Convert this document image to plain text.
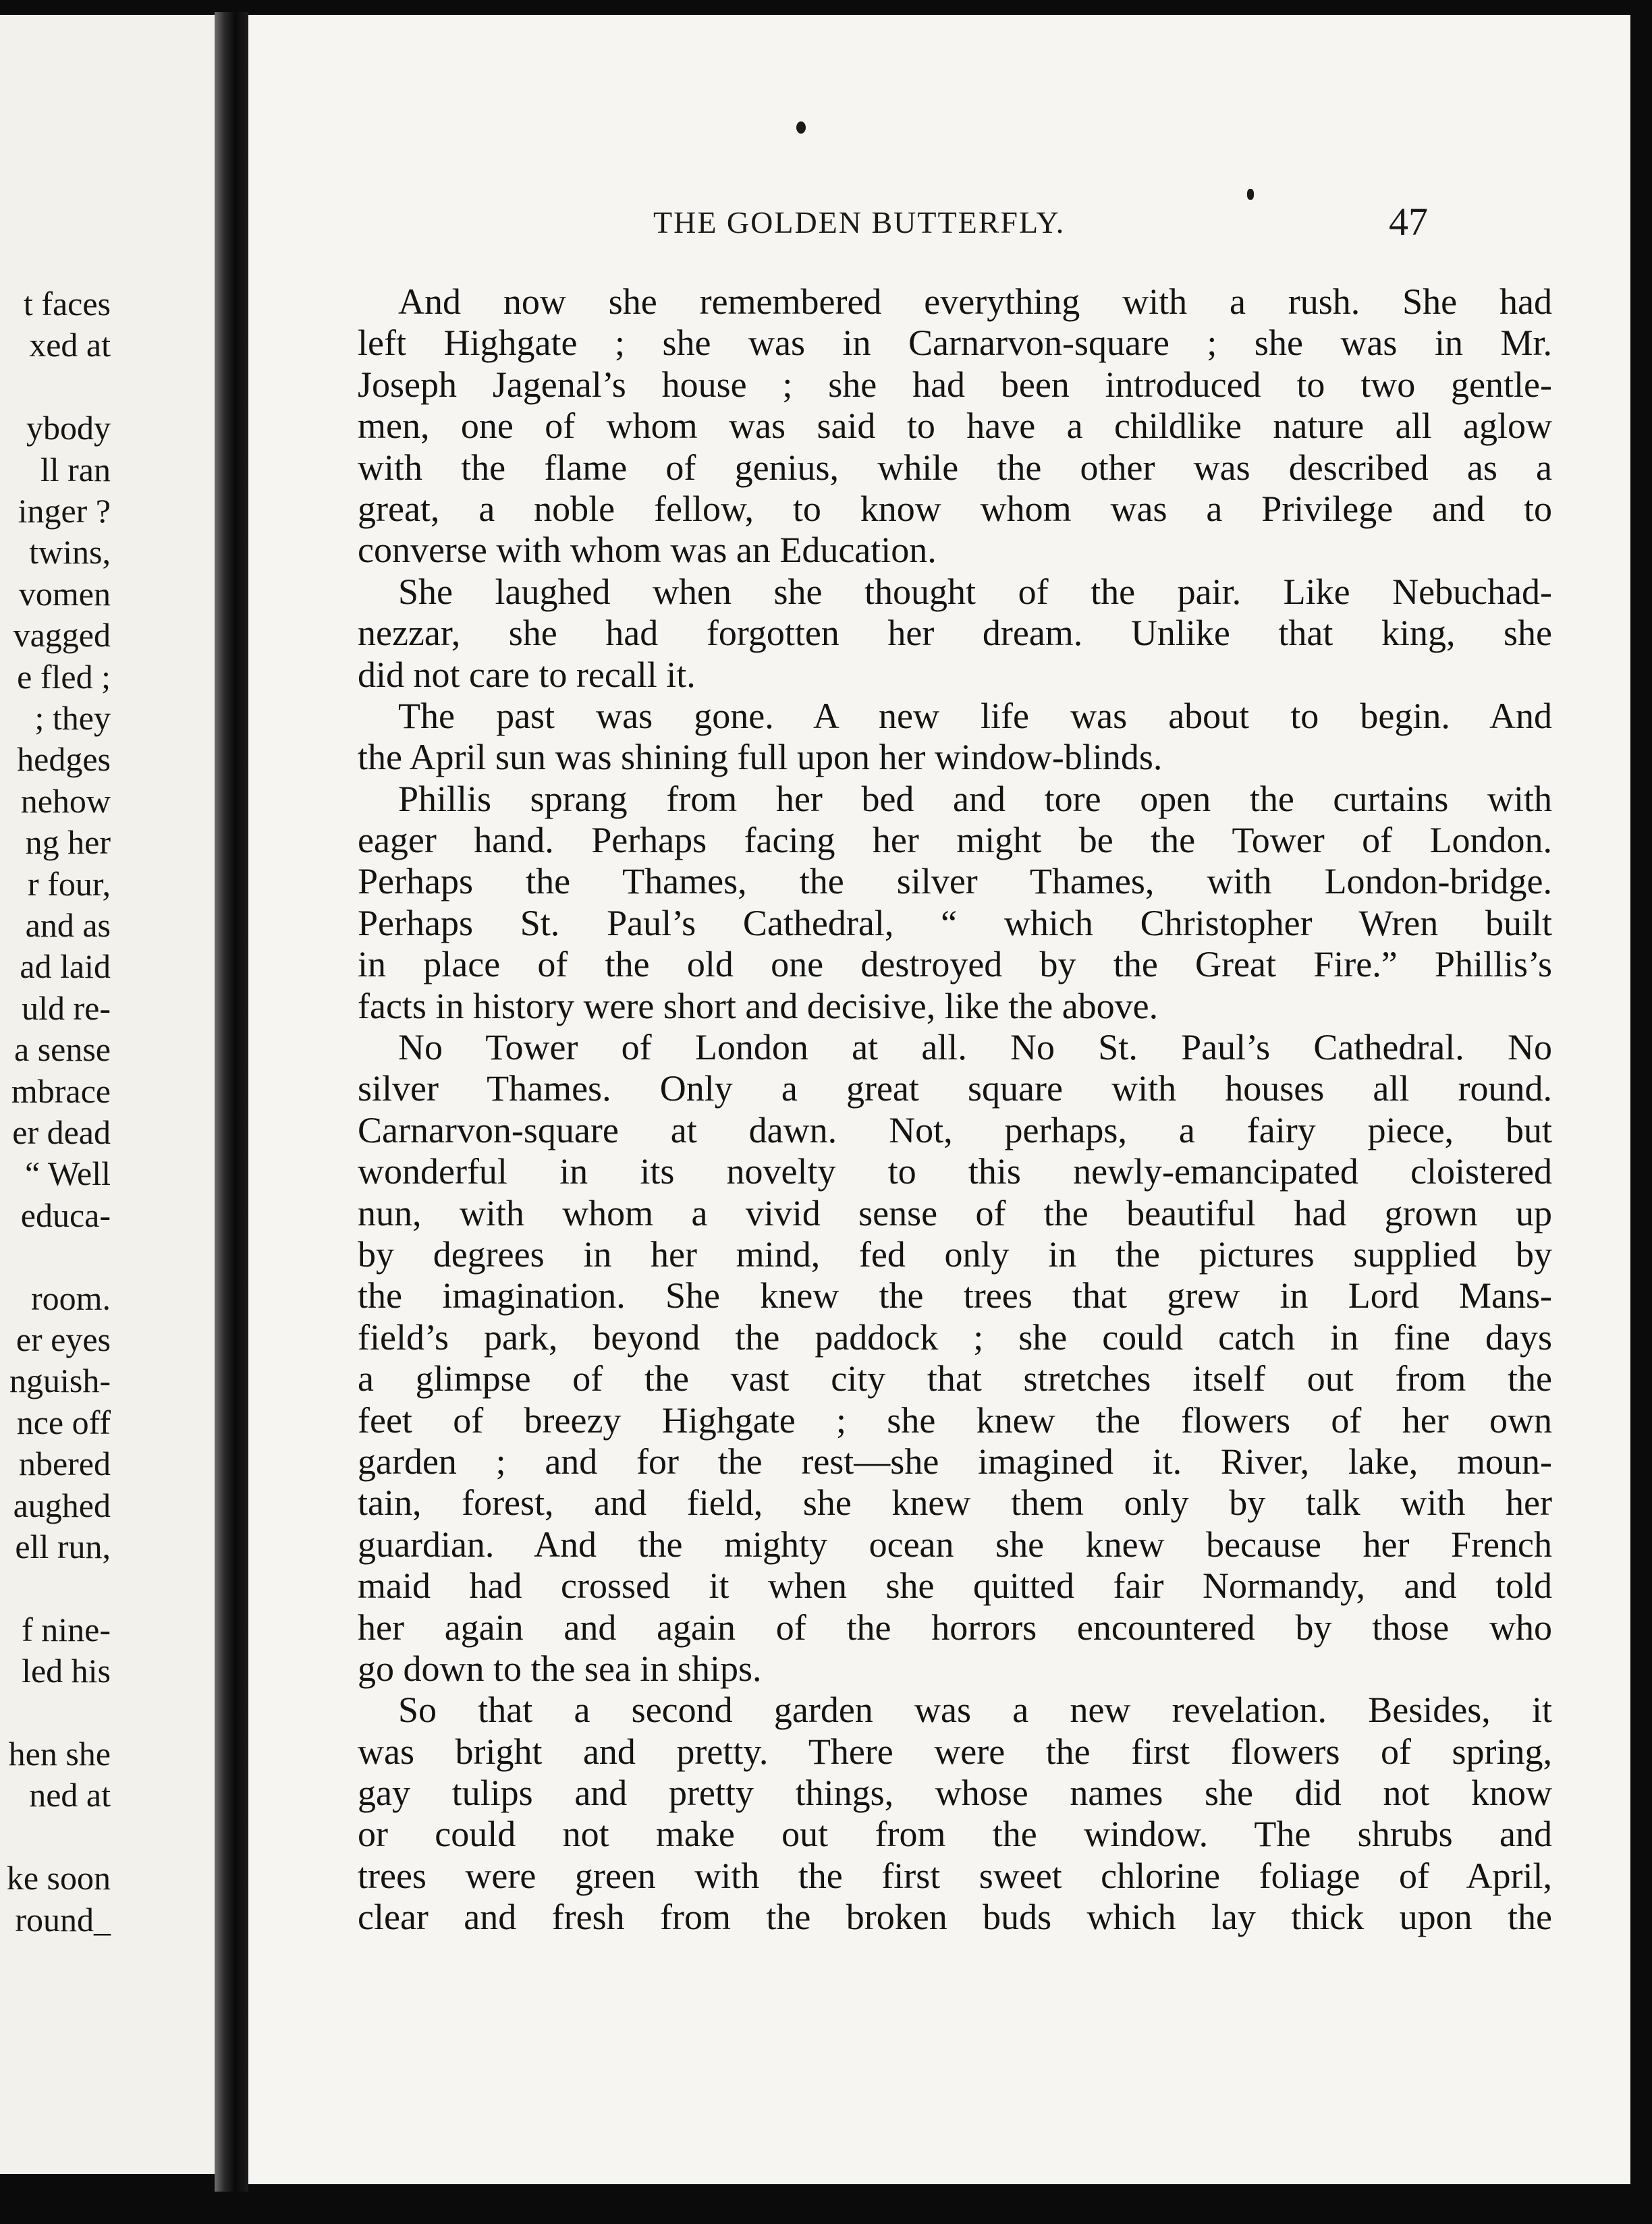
t faces
xed at
ybody
ll ran
inger ?
twins,
vomen
vagged
e fled ;
; they
hedges
nehow
ng her
r four,
and as
ad laid
uld re-
a sense
mbrace
er dead
“ Well
educa-
room.
er eyes
nguish-
nce off
nbered
aughed
ell run,
f nine-
led his
hen she
ned at
ke soon
round_
THE GOLDEN BUTTERFLY.	47
And now she remembered everything with a rush. She had
left Highgate ; she was in Carnarvon-square ; she was in Mr.
Joseph Jagenal’s house ; she had been introduced to two gentle-
men, one of whom was said to have a childlike nature all aglow
with the flame of genius, while the other was described as a
great, a noble fellow, to know whom was a Privilege and to
converse with whom was an Education.
She laughed when she thought of the pair. Like Nebuchad-
nezzar, she had forgotten her dream. Unlike that king, she
did not care to recall it.
The past was gone. A new life was about to begin. And
the April sun was shining full upon her window-blinds.
Phillis sprang from her bed and tore open the curtains with
eager hand. Perhaps facing her might be the Tower of London.
Perhaps the Thames, the silver Thames, with London-bridge.
Perhaps St. Paul’s Cathedral, “ which Christopher Wren built
in place of the old one destroyed by the Great Fire.” Phillis’s
facts in history were short and decisive, like the above.
No Tower of London at all. No St. Paul’s Cathedral. No
silver Thames. Only a great square with houses all round.
Carnarvon-square at dawn. Not, perhaps, a fairy piece, but
wonderful in its novelty to this newly-emancipated cloistered
nun, with whom a vivid sense of the beautiful had grown up
by degrees in her mind, fed only in the pictures supplied by
the imagination. She knew the trees that grew in Lord Mans-
field’s park, beyond the paddock ; she could catch in fine days
a glimpse of the vast city that stretches itself out from the
feet of breezy Highgate ; she knew the flowers of her own
garden ; and for the rest—she imagined it. River, lake, moun-
tain, forest, and field, she knew them only by talk with her
guardian. And the mighty ocean she knew because her French
maid had crossed it when she quitted fair Normandy, and told
her again and again of the horrors encountered by those who
go down to the sea in ships.
So that a second garden was a new revelation. Besides, it
was bright and pretty. There were the first flowers of spring,
gay tulips and pretty things, whose names she did not know
or could not make out from the window. The shrubs and
trees were green with the first sweet chlorine foliage of April,
clear and fresh from the broken buds which lay thick upon the
